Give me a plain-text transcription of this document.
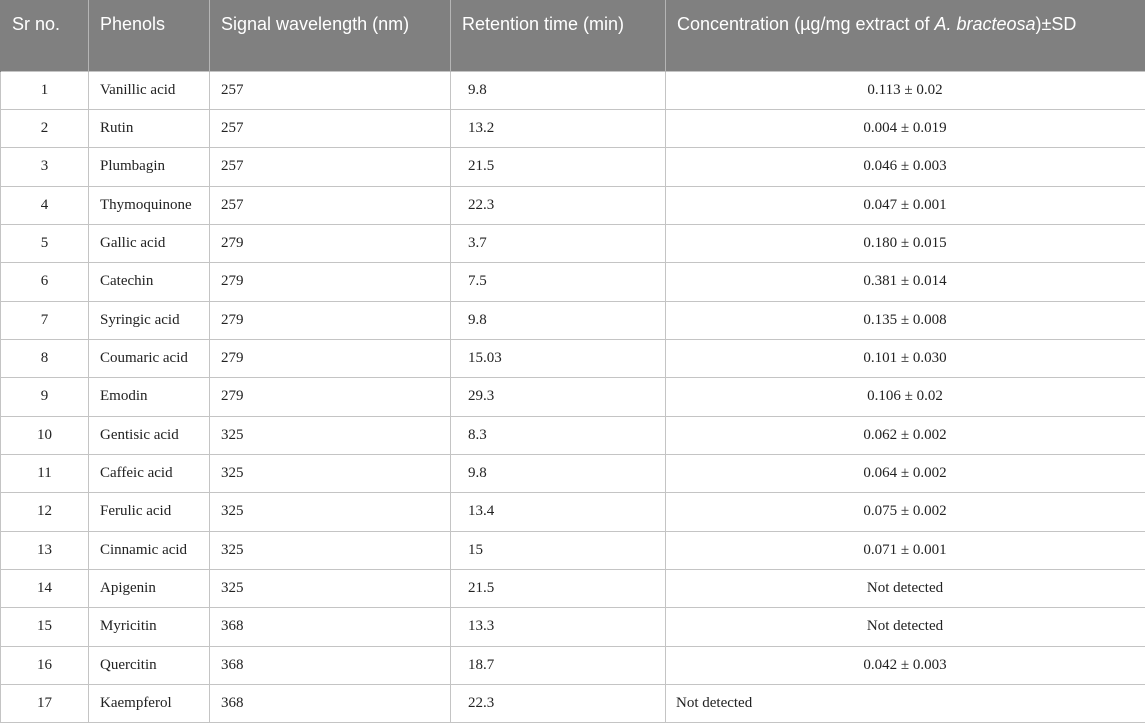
Sr no.	Phenols	Signal wavelength (nm)	Retention time (min)	Concentration (µg/mg extract of A. bracteosa)±SD
1	Vanillic acid	257	9.8	0.113 ± 0.02
2	Rutin	257	13.2	0.004 ± 0.019
3	Plumbagin	257	21.5	0.046 ± 0.003
4	Thymoquinone	257	22.3	0.047 ± 0.001
5	Gallic acid	279	3.7	0.180 ± 0.015
6	Catechin	279	7.5	0.381 ± 0.014
7	Syringic acid	279	9.8	0.135 ± 0.008
8	Coumaric acid	279	15.03	0.101 ± 0.030
9	Emodin	279	29.3	0.106 ± 0.02
10	Gentisic acid	325	8.3	0.062 ± 0.002
11	Caffeic acid	325	9.8	0.064 ± 0.002
12	Ferulic acid	325	13.4	0.075 ± 0.002
13	Cinnamic acid	325	15	0.071 ± 0.001
14	Apigenin	325	21.5	Not detected
15	Myricitin	368	13.3	Not detected
16	Quercitin	368	18.7	0.042 ± 0.003
17	Kaempferol	368	22.3	Not detected
